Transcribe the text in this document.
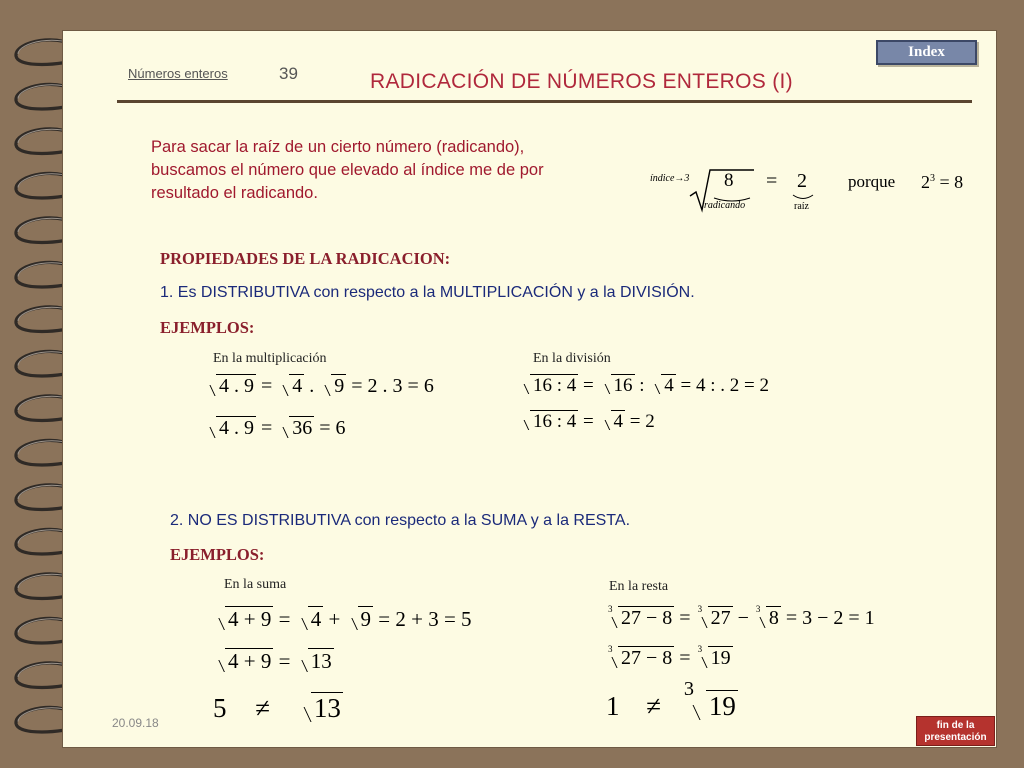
Números enteros	39	RADICACIÓN DE NÚMEROS ENTEROS (I)
Index
Para sacar la raíz de un cierto número (radicando),
buscamos el número que elevado al índice me de por
resultado el radicando.
$^{índice\to 3}$ 8
radicando
= 2
raíz
porque $2^3 = 8$
PROPIEDADES DE LA RADICACION:
1. Es DISTRIBUTIVA con respecto a la MULTIPLICACIÓN y a la DIVISIÓN.
EJEMPLOS:
En la multiplicación	En la división
4 . 9 = 4 . 9 = 2 . 3 = 6
4 . 9 = 36 = 6
16 : 4 = 16 : 4 = 4 : . 2 = 2
16 : 4 = 4 = 2
2. NO ES DISTRIBUTIVA con respecto a la SUMA y a la RESTA.
EJEMPLOS:
En la suma	En la resta
4 + 9 = 4 + 9 = 2 + 3 = 5
4 + 9 = 13
5 ≠ 13
3 27 − 8 = 3 27 − 3 8 = 3 − 2 = 1
3 27 − 8 = 3 19
1 ≠
3
19
20.09.18	fin de la
presentación
